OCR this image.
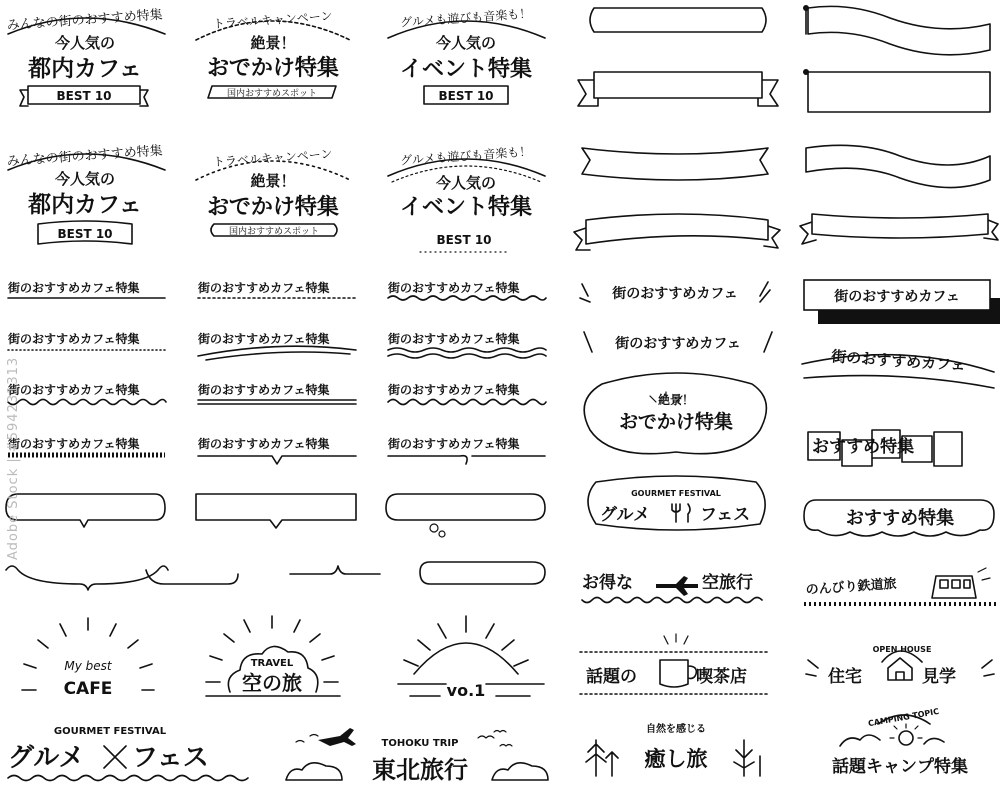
みんなの街のおすすめ特集
今人気の
都内カフェ
BEST 10
トラベルキャンペーン
絶景！
おでかけ特集
国内おすすめスポット
グルメも遊びも音楽も！
今人気の
イベント特集
BEST 10
みんなの街のおすすめ特集
今人気の
都内カフェ
BEST 10
トラベルキャンペーン
絶景！
おでかけ特集
国内おすすめスポット
グルメも遊びも音楽も！
今人気の
イベント特集
BEST 10
街のおすすめカフェ特集	街のおすすめカフェ特集	街のおすすめカフェ特集
街のおすすめカフェ特集	街のおすすめカフェ特集	街のおすすめカフェ特集
街のおすすめカフェ特集	街のおすすめカフェ特集	街のおすすめカフェ特集
街のおすすめカフェ特集	街のおすすめカフェ特集	街のおすすめカフェ特集
My best
CAFE
TRAVEL
空の旅	vo.1
GOURMET FESTIVAL
グルメ フェス	TOHOKU TRIP
東北旅行
街のおすすめカフェ
街のおすすめカフェ
絶景！
おでかけ特集
GOURMET FESTIVAL
グルメ	フェス
お得な	空旅行
話題の	喫茶店
自然を感じる
癒し旅
街のおすすめカフェ
街のおすすめカフェ
おすすめ特集
おすすめ特集
のんびり鉄道旅
OPEN HOUSE
住宅	見学
CAMPING TOPIC
話題キャンプ特集
Adobe Stock | #594231313
